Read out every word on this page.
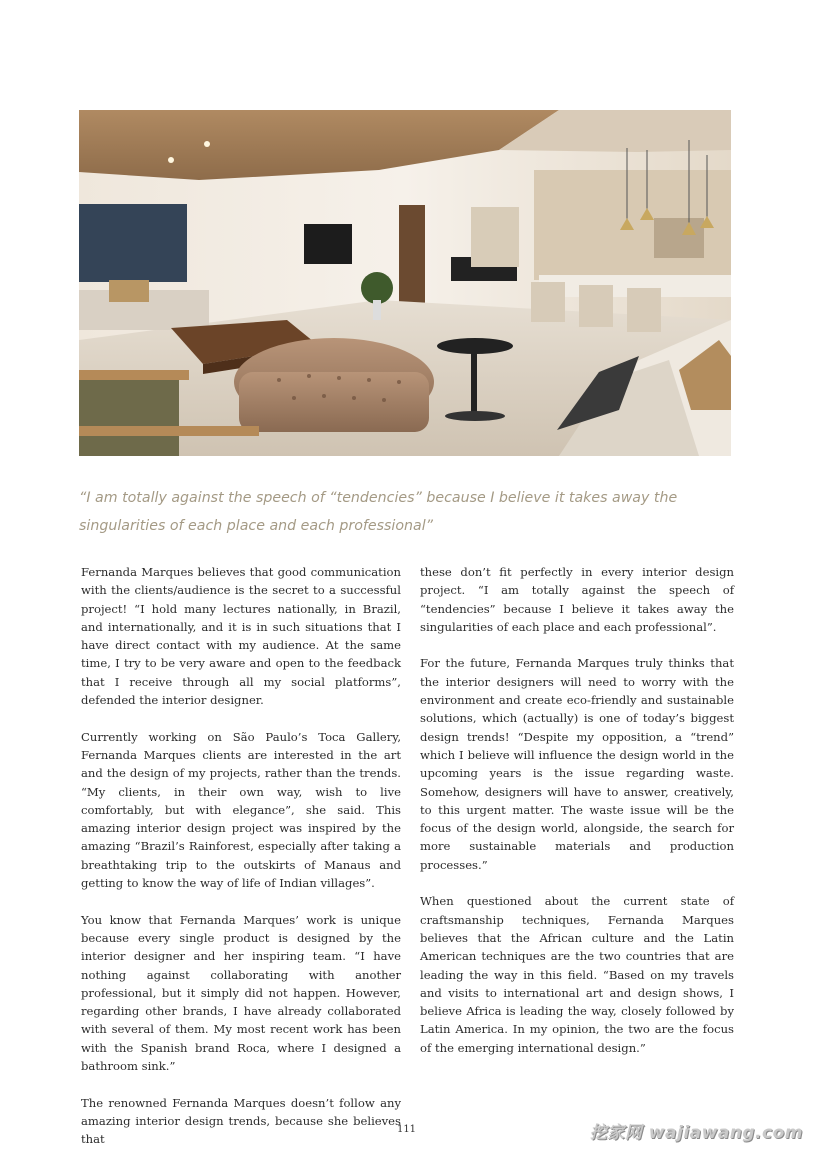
“I am totally against the speech of “tendencies” because I believe it takes away the singularities of each place and each professional”

Fernanda Marques believes that good communication with the clients/audience is the secret to a successful project! “I hold many lectures nationally, in Brazil, and internationally, and it is in such situations that I have direct contact with my audience. At the same time, I try to be very aware and open to the feedback that I receive through all my social platforms”, defended the interior designer.

Currently working on São Paulo’s Toca Gallery, Fernanda Marques clients are interested in the art and the design of my projects, rather than the trends. “My clients, in their own way, wish to live comfortably, but with elegance”, she said. This amazing interior design project was inspired by the amazing “Brazil’s Rainforest, especially after taking a breathtaking trip to the outskirts of Manaus and getting to know the way of life of Indian villages”.

You know that Fernanda Marques’ work is unique because every single product is designed by the interior designer and her inspiring team. “I have nothing against collaborating with another professional, but it simply did not happen. However, regarding other brands, I have already collaborated with several of them. My most recent work has been with the Spanish brand Roca, where I designed a bathroom sink.”

The renowned Fernanda Marques doesn’t follow any amazing interior design trends, because she believes that

these don’t fit perfectly in every interior design project. “I am totally against the speech of “tendencies” because I believe it takes away the singularities of each place and each professional”.

For the future, Fernanda Marques truly thinks that the interior designers will need to worry with the environment and create eco-friendly and sustainable solutions, which (actually) is one of today’s biggest design trends! “Despite my opposition, a “trend” which I believe will influence the design world in the upcoming years is the issue regarding waste. Somehow, designers will have to answer, creatively, to this urgent matter. The waste issue will be the focus of the design world, alongside, the search for more sustainable materials and production processes.”

When questioned about the current state of craftsmanship techniques, Fernanda Marques believes that the African culture and the Latin American techniques are the two countries that are leading the way in this field. “Based on my travels and visits to international art and design shows, I believe Africa is leading the way, closely followed by Latin America. In my opinion, the two are the focus of the emerging international design.”

111	挖家网 wajiawang.com
